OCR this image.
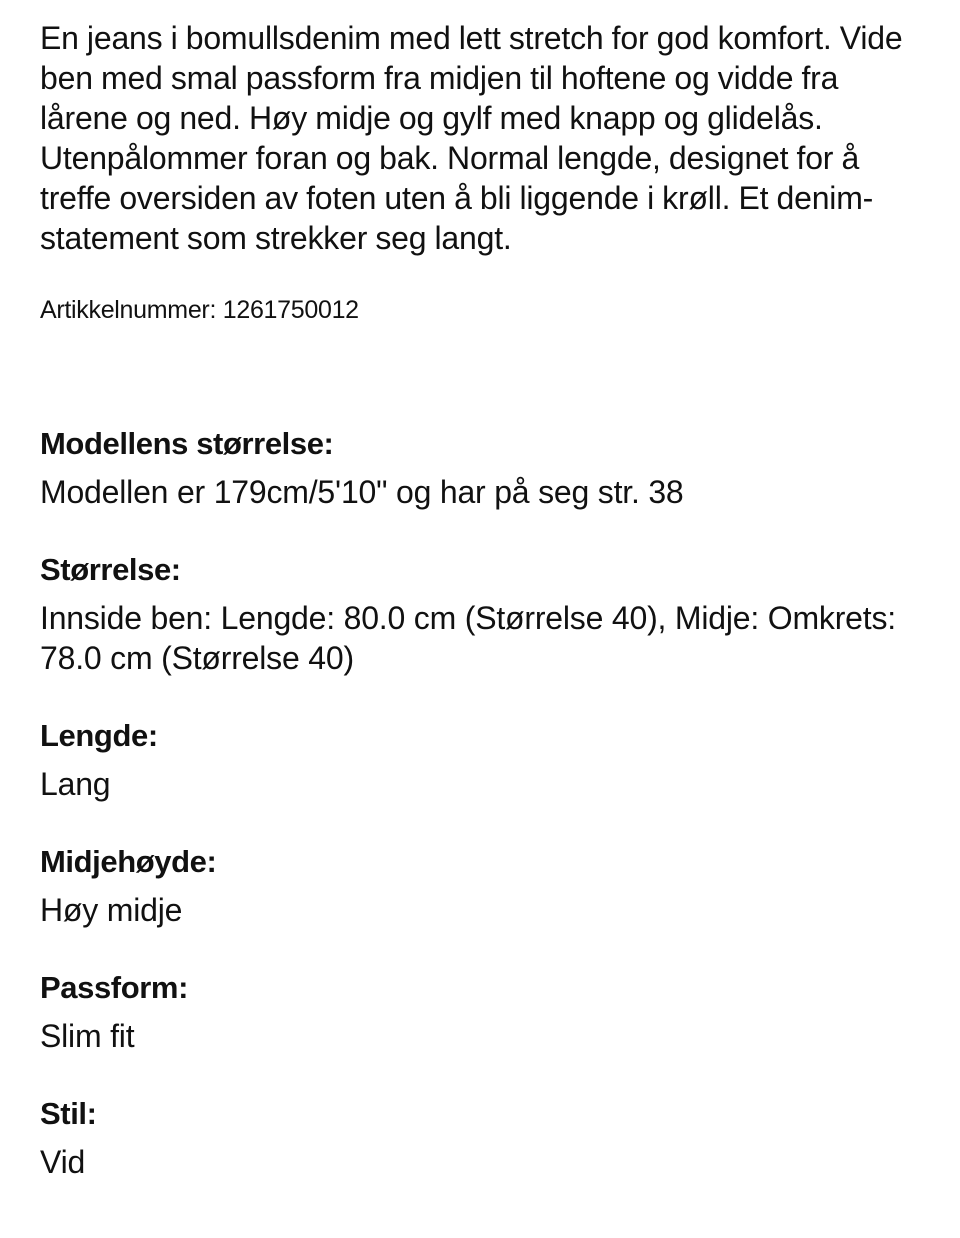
En jeans i bomullsdenim med lett stretch for god komfort. Vide ben med smal passform fra midjen til hoftene og vidde fra lårene og ned. Høy midje og gylf med knapp og glidelås. Utenpålommer foran og bak. Normal lengde, designet for å treffe oversiden av foten uten å bli liggende i krøll. Et denim-statement som strekker seg langt.

Artikkelnummer: 1261750012

Modellens størrelse:

Modellen er 179cm/5'10" og har på seg str. 38

Størrelse:

Innside ben: Lengde: 80.0 cm (Størrelse 40), Midje: Omkrets: 78.0 cm (Størrelse 40)

Lengde:

Lang

Midjehøyde:

Høy midje

Passform:

Slim fit

Stil:

Vid
